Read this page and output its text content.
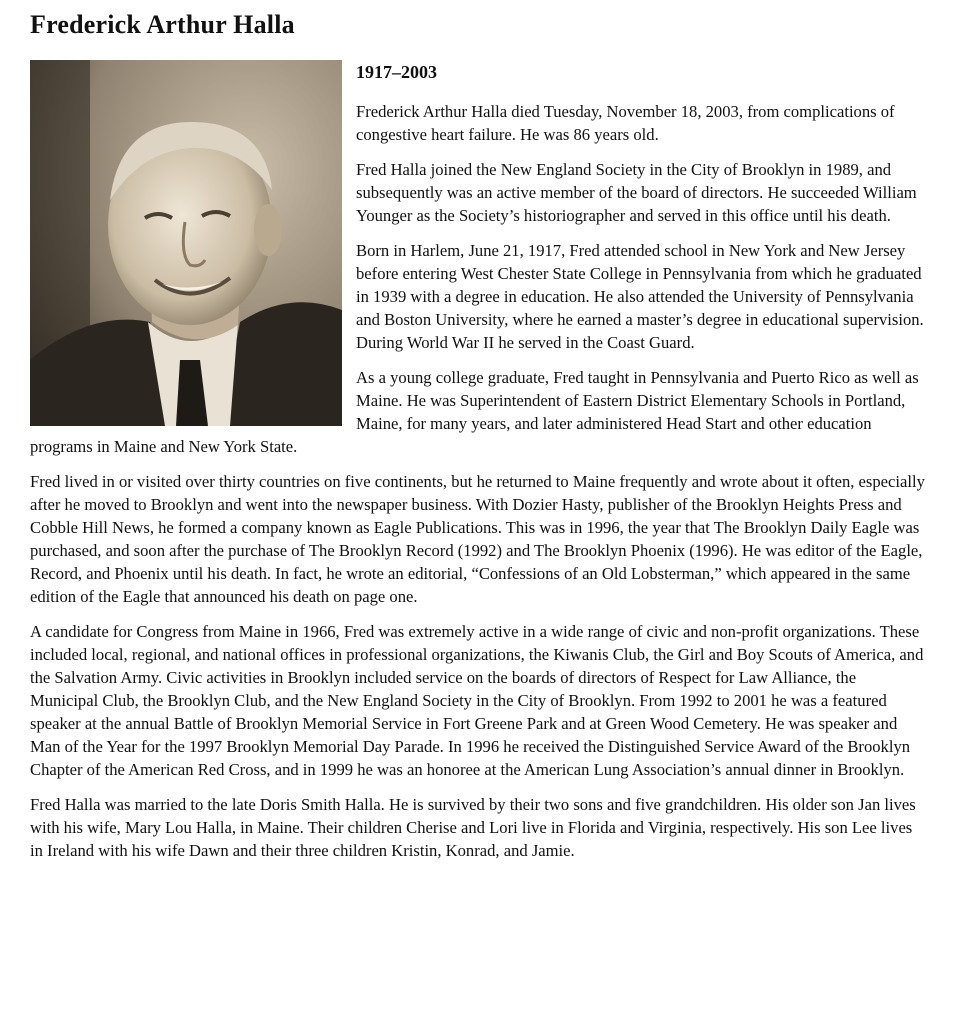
Frederick Arthur Halla
1917–2003

Frederick Arthur Halla died Tuesday, November 18, 2003, from complications of congestive heart failure. He was 86 years old.

Fred Halla joined the New England Society in the City of Brooklyn in 1989, and subsequently was an active member of the board of directors. He succeeded William Younger as the Society’s historiographer and served in this office until his death.

Born in Harlem, June 21, 1917, Fred attended school in New York and New Jersey before entering West Chester State College in Pennsylvania from which he graduated in 1939 with a degree in education. He also attended the University of Pennsylvania and Boston University, where he earned a master’s degree in educational supervision. During World War II he served in the Coast Guard.

As a young college graduate, Fred taught in Pennsylvania and Puerto Rico as well as Maine. He was Superintendent of Eastern District Elementary Schools in Portland, Maine, for many years, and later administered Head Start and other education programs in Maine and New York State.

Fred lived in or visited over thirty countries on five continents, but he returned to Maine frequently and wrote about it often, especially after he moved to Brooklyn and went into the newspaper business. With Dozier Hasty, publisher of the Brooklyn Heights Press and Cobble Hill News, he formed a company known as Eagle Publications. This was in 1996, the year that The Brooklyn Daily Eagle was purchased, and soon after the purchase of The Brooklyn Record (1992) and The Brooklyn Phoenix (1996). He was editor of the Eagle, Record, and Phoenix until his death. In fact, he wrote an editorial, “Confessions of an Old Lobsterman,” which appeared in the same edition of the Eagle that announced his death on page one.

A candidate for Congress from Maine in 1966, Fred was extremely active in a wide range of civic and non-profit organizations. These included local, regional, and national offices in professional organizations, the Kiwanis Club, the Girl and Boy Scouts of America, and the Salvation Army. Civic activities in Brooklyn included service on the boards of directors of Respect for Law Alliance, the Municipal Club, the Brooklyn Club, and the New England Society in the City of Brooklyn. From 1992 to 2001 he was a featured speaker at the annual Battle of Brooklyn Memorial Service in Fort Greene Park and at Green Wood Cemetery. He was speaker and Man of the Year for the 1997 Brooklyn Memorial Day Parade. In 1996 he received the Distinguished Service Award of the Brooklyn Chapter of the American Red Cross, and in 1999 he was an honoree at the American Lung Association’s annual dinner in Brooklyn.

Fred Halla was married to the late Doris Smith Halla. He is survived by their two sons and five grandchildren. His older son Jan lives with his wife, Mary Lou Halla, in Maine. Their children Cherise and Lori live in Florida and Virginia, respectively. His son Lee lives in Ireland with his wife Dawn and their three children Kristin, Konrad, and Jamie.
